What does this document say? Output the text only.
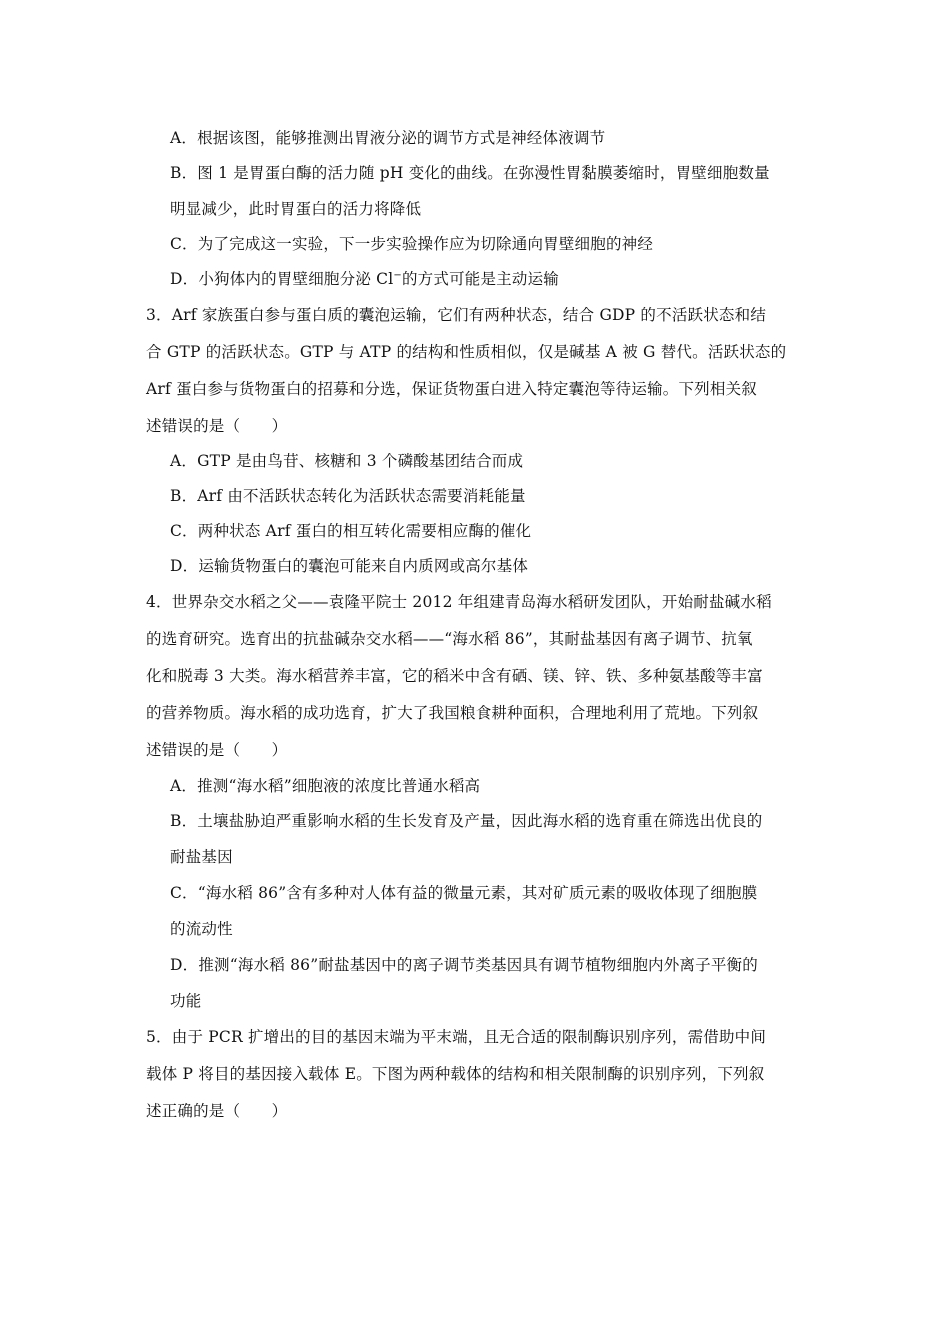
A．根据该图，能够推测出胃液分泌的调节方式是神经体液调节
B．图 1 是胃蛋白酶的活力随 pH 变化的曲线。在弥漫性胃黏膜萎缩时，胃壁细胞数量
明显减少，此时胃蛋白的活力将降低
C．为了完成这一实验，下一步实验操作应为切除通向胃壁细胞的神经
D．小狗体内的胃壁细胞分泌 Cl−的方式可能是主动运输
3．Arf 家族蛋白参与蛋白质的囊泡运输，它们有两种状态，结合 GDP 的不活跃状态和结
合 GTP 的活跃状态。GTP 与 ATP 的结构和性质相似，仅是碱基 A 被 G 替代。活跃状态的
Arf 蛋白参与货物蛋白的招募和分选，保证货物蛋白进入特定囊泡等待运输。下列相关叙
述错误的是（　　）
A．GTP 是由鸟苷、核糖和 3 个磷酸基团结合而成
B．Arf 由不活跃状态转化为活跃状态需要消耗能量
C．两种状态 Arf 蛋白的相互转化需要相应酶的催化
D．运输货物蛋白的囊泡可能来自内质网或高尔基体
4．世界杂交水稻之父——袁隆平院士 2012 年组建青岛海水稻研发团队，开始耐盐碱水稻
的选育研究。选育出的抗盐碱杂交水稻——“海水稻 86”，其耐盐基因有离子调节、抗氧
化和脱毒 3 大类。海水稻营养丰富，它的稻米中含有硒、镁、锌、铁、多种氨基酸等丰富
的营养物质。海水稻的成功选育，扩大了我国粮食耕种面积，合理地利用了荒地。下列叙
述错误的是（　　）
A．推测“海水稻”细胞液的浓度比普通水稻高
B．土壤盐胁迫严重影响水稻的生长发育及产量，因此海水稻的选育重在筛选出优良的
耐盐基因
C．“海水稻 86”含有多种对人体有益的微量元素，其对矿质元素的吸收体现了细胞膜
的流动性
D．推测“海水稻 86”耐盐基因中的离子调节类基因具有调节植物细胞内外离子平衡的
功能
5．由于 PCR 扩增出的目的基因末端为平末端，且无合适的限制酶识别序列，需借助中间
载体 P 将目的基因接入载体 E。下图为两种载体的结构和相关限制酶的识别序列，下列叙
述正确的是（　　）
